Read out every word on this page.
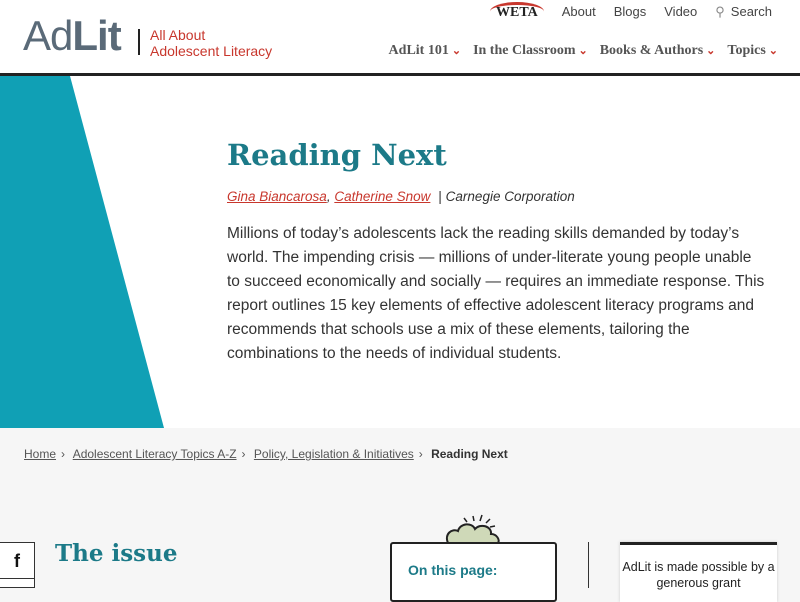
AdLit All About
Adolescent Literacy
WETA	About Blogs Video ⚲ Search
AdLit 101 ⌄ In the Classroom ⌄ Books & Authors ⌄ Topics ⌄
Reading Next
Gina Biancarosa, Catherine Snow | Carnegie Corporation

Millions of today’s adolescents lack the reading skills demanded by today’s world. The impending crisis — millions of under-literate young people unable to succeed economically and socially — requires an immediate response. This report outlines 15 key elements of effective adolescent literacy programs and recommends that schools use a mix of these elements, tailoring the combinations to the needs of individual students.

Home › Adolescent Literacy Topics A-Z › Policy, Legislation & Initiatives › Reading Next
f	The issue
On this page:	AdLit is made possible by a generous grant
